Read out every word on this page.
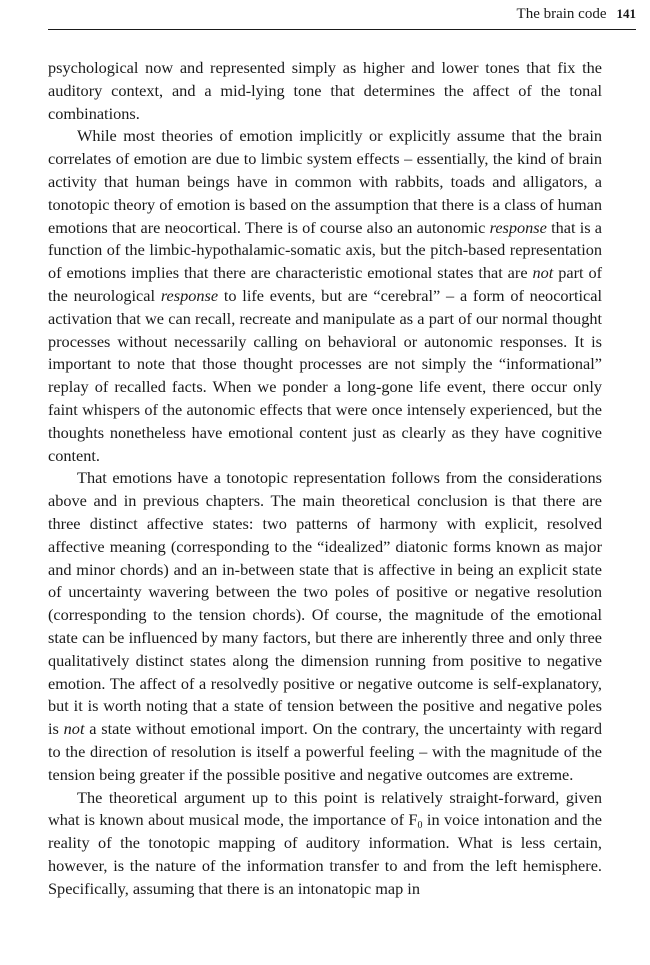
The brain code 141

psychological now and represented simply as higher and lower tones that fix the auditory context, and a mid-lying tone that determines the affect of the tonal combinations.

While most theories of emotion implicitly or explicitly assume that the brain correlates of emotion are due to limbic system effects – essentially, the kind of brain activity that human beings have in common with rabbits, toads and alligators, a tonotopic theory of emotion is based on the assumption that there is a class of human emotions that are neocortical. There is of course also an autonomic response that is a function of the limbic-hypothalamic-somatic axis, but the pitch-based representation of emotions implies that there are characteristic emotional states that are not part of the neurological response to life events, but are “cerebral” – a form of neocortical activation that we can recall, recreate and manipulate as a part of our normal thought processes without necessarily calling on behavioral or autonomic responses. It is important to note that those thought processes are not simply the “informational” replay of recalled facts. When we ponder a long-gone life event, there occur only faint whispers of the autonomic effects that were once intensely experienced, but the thoughts nonetheless have emotional content just as clearly as they have cognitive content.

That emotions have a tonotopic representation follows from the considerations above and in previous chapters. The main theoretical conclusion is that there are three distinct affective states: two patterns of harmony with explicit, resolved affective meaning (corresponding to the “idealized” diatonic forms known as major and minor chords) and an in-between state that is affective in being an explicit state of uncertainty wavering between the two poles of positive or negative resolution (corresponding to the tension chords). Of course, the magnitude of the emotional state can be influenced by many factors, but there are inherently three and only three qualitatively distinct states along the dimension running from positive to negative emotion. The affect of a resolvedly positive or negative outcome is self-explanatory, but it is worth noting that a state of tension between the positive and negative poles is not a state without emotional import. On the contrary, the uncertainty with regard to the direction of resolution is itself a powerful feeling – with the magnitude of the tension being greater if the possible positive and negative outcomes are extreme.

The theoretical argument up to this point is relatively straight-forward, given what is known about musical mode, the importance of $F_0$ in voice intonation and the reality of the tonotopic mapping of auditory information. What is less certain, however, is the nature of the information transfer to and from the left hemisphere. Specifically, assuming that there is an intonatopic map in
